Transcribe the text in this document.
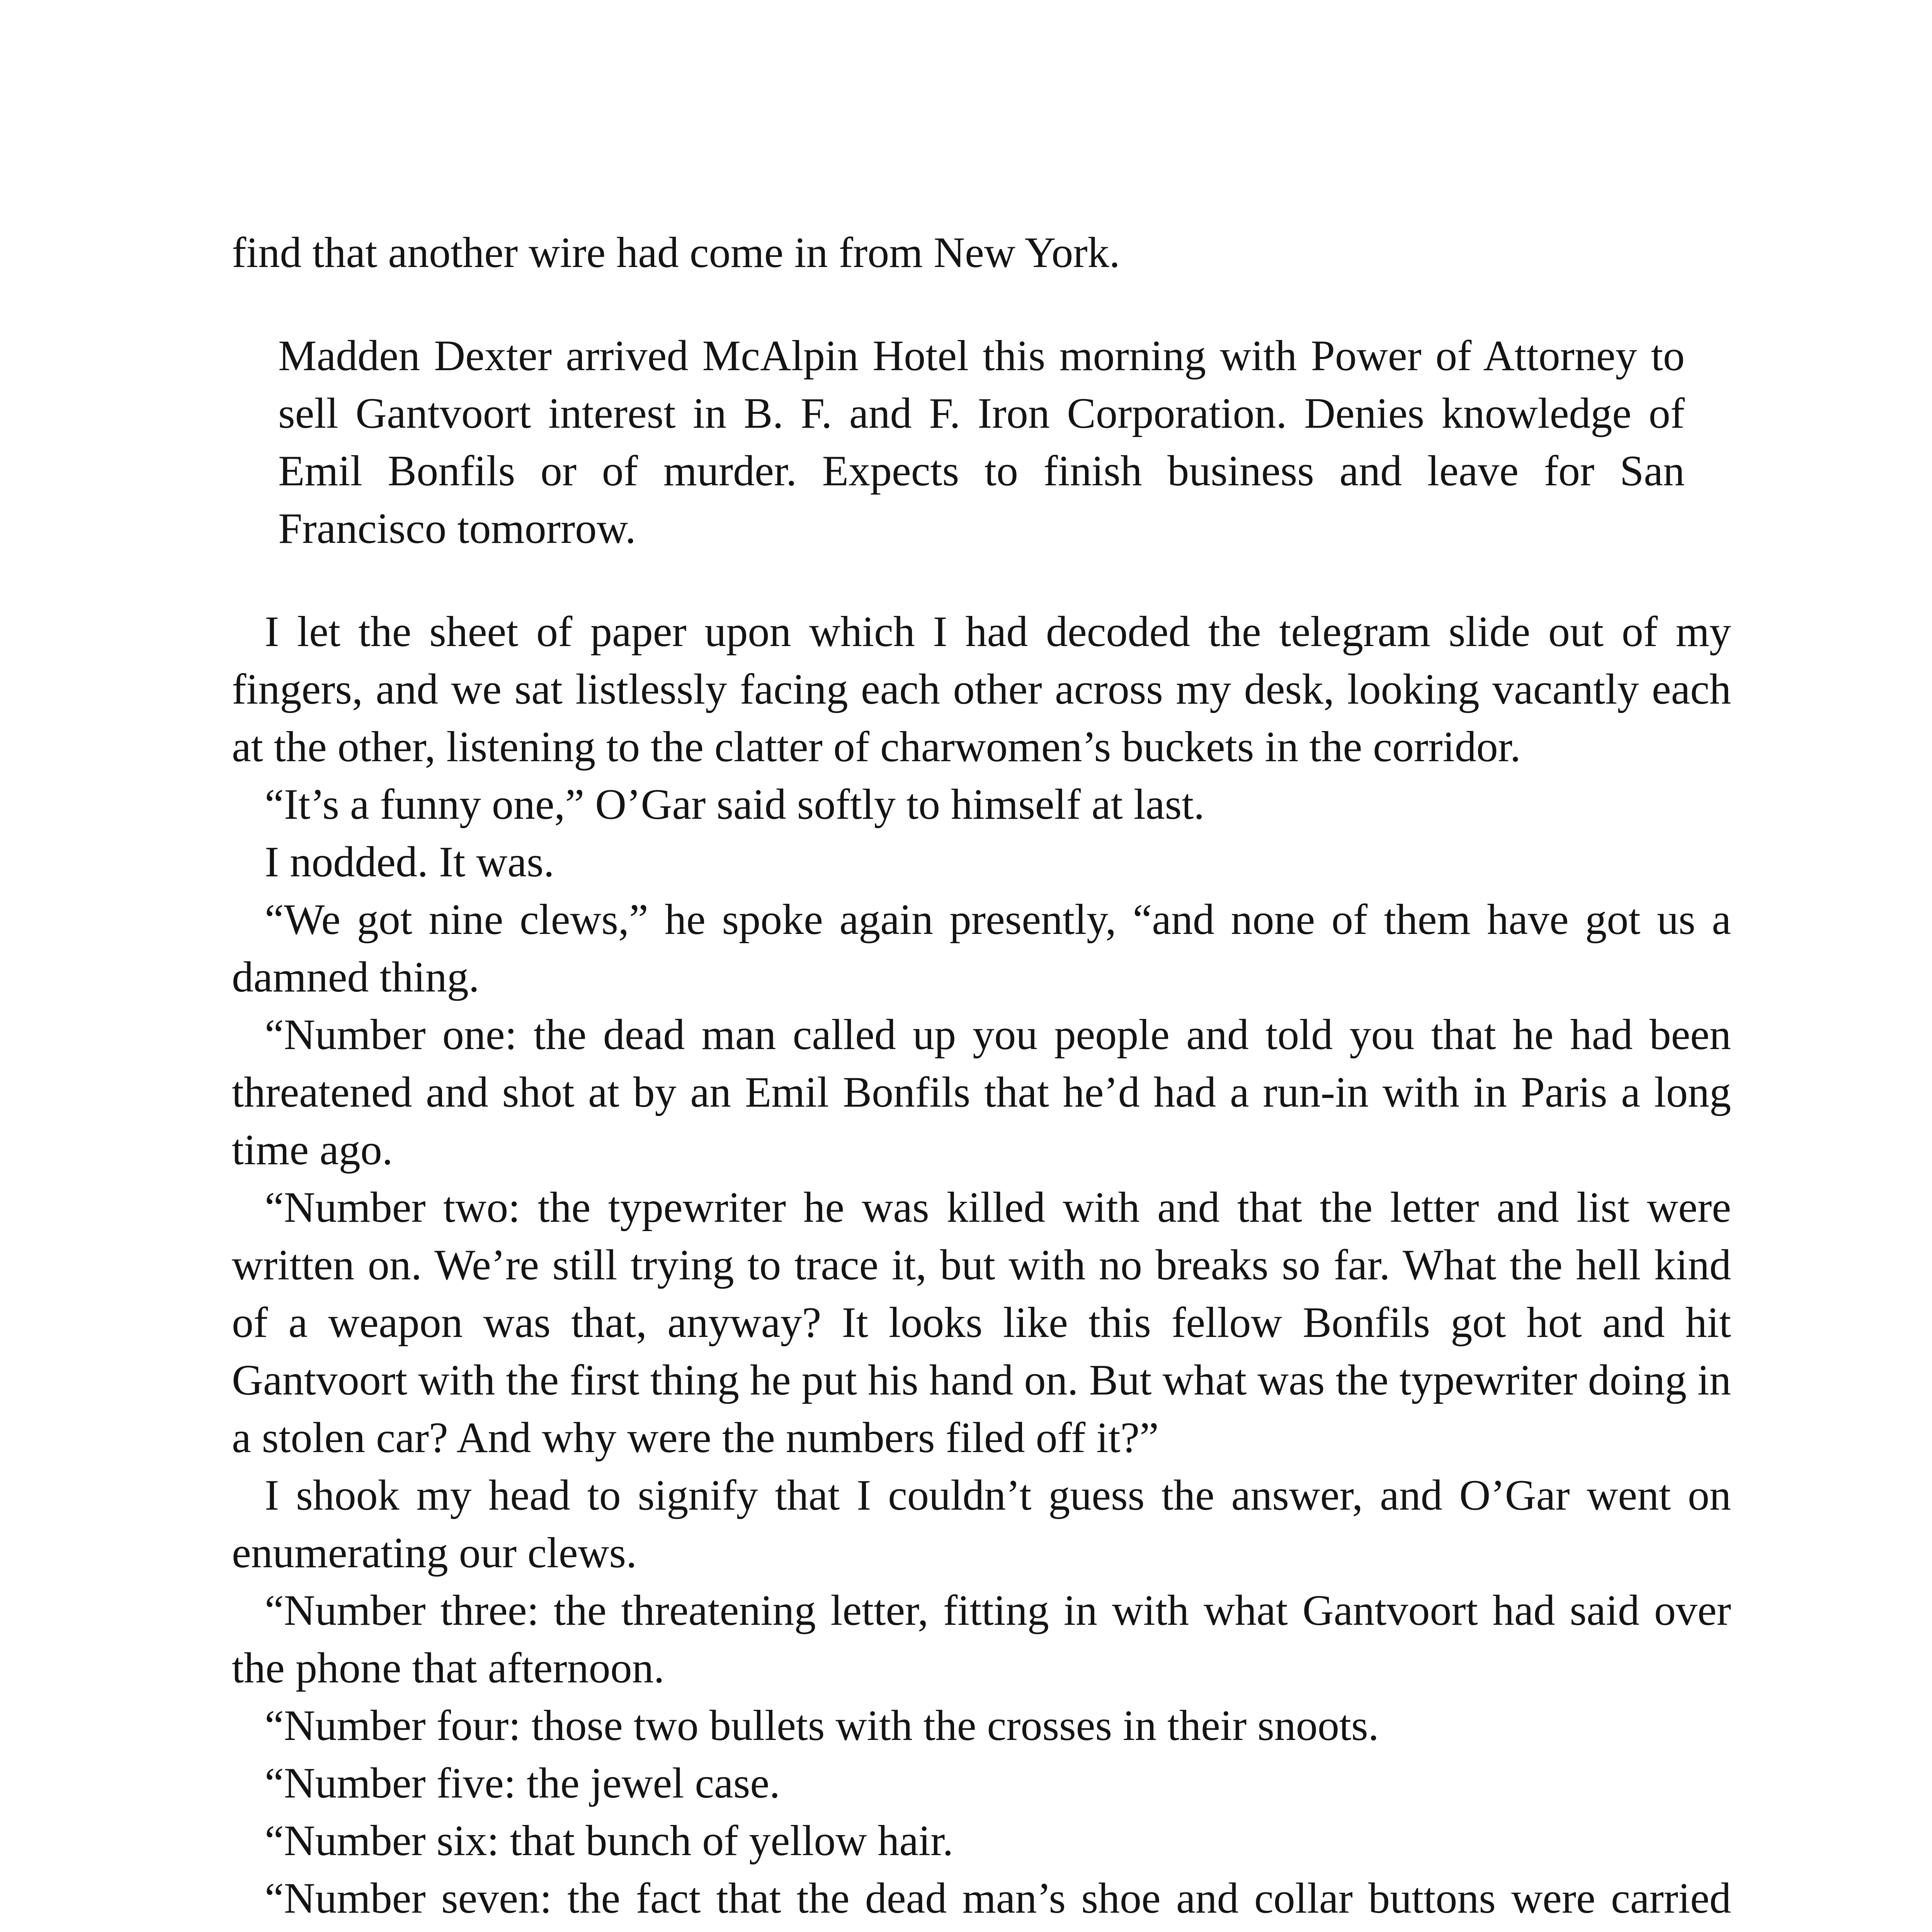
find that another wire had come in from New York.

Madden Dexter arrived McAlpin Hotel this morning with Power of Attorney to sell Gantvoort interest in B. F. and F. Iron Corporation. Denies knowledge of Emil Bonfils or of murder. Expects to finish business and leave for San Francisco tomorrow.

I let the sheet of paper upon which I had decoded the telegram slide out of my fingers, and we sat listlessly facing each other across my desk, looking vacantly each at the other, listening to the clatter of charwomen’s buckets in the corridor.

“It’s a funny one,” O’Gar said softly to himself at last.

I nodded. It was.

“We got nine clews,” he spoke again presently, “and none of them have got us a damned thing.

“Number one: the dead man called up you people and told you that he had been threatened and shot at by an Emil Bonfils that he’d had a run-in with in Paris a long time ago.

“Number two: the typewriter he was killed with and that the letter and list were written on. We’re still trying to trace it, but with no breaks so far. What the hell kind of a weapon was that, anyway? It looks like this fellow Bonfils got hot and hit Gantvoort with the first thing he put his hand on. But what was the typewriter doing in a stolen car? And why were the numbers filed off it?”

I shook my head to signify that I couldn’t guess the answer, and O’Gar went on enumerating our clews.

“Number three: the threatening letter, fitting in with what Gantvoort had said over the phone that afternoon.

“Number four: those two bullets with the crosses in their snoots.

“Number five: the jewel case.

“Number six: that bunch of yellow hair.

“Number seven: the fact that the dead man’s shoe and collar buttons were carried
